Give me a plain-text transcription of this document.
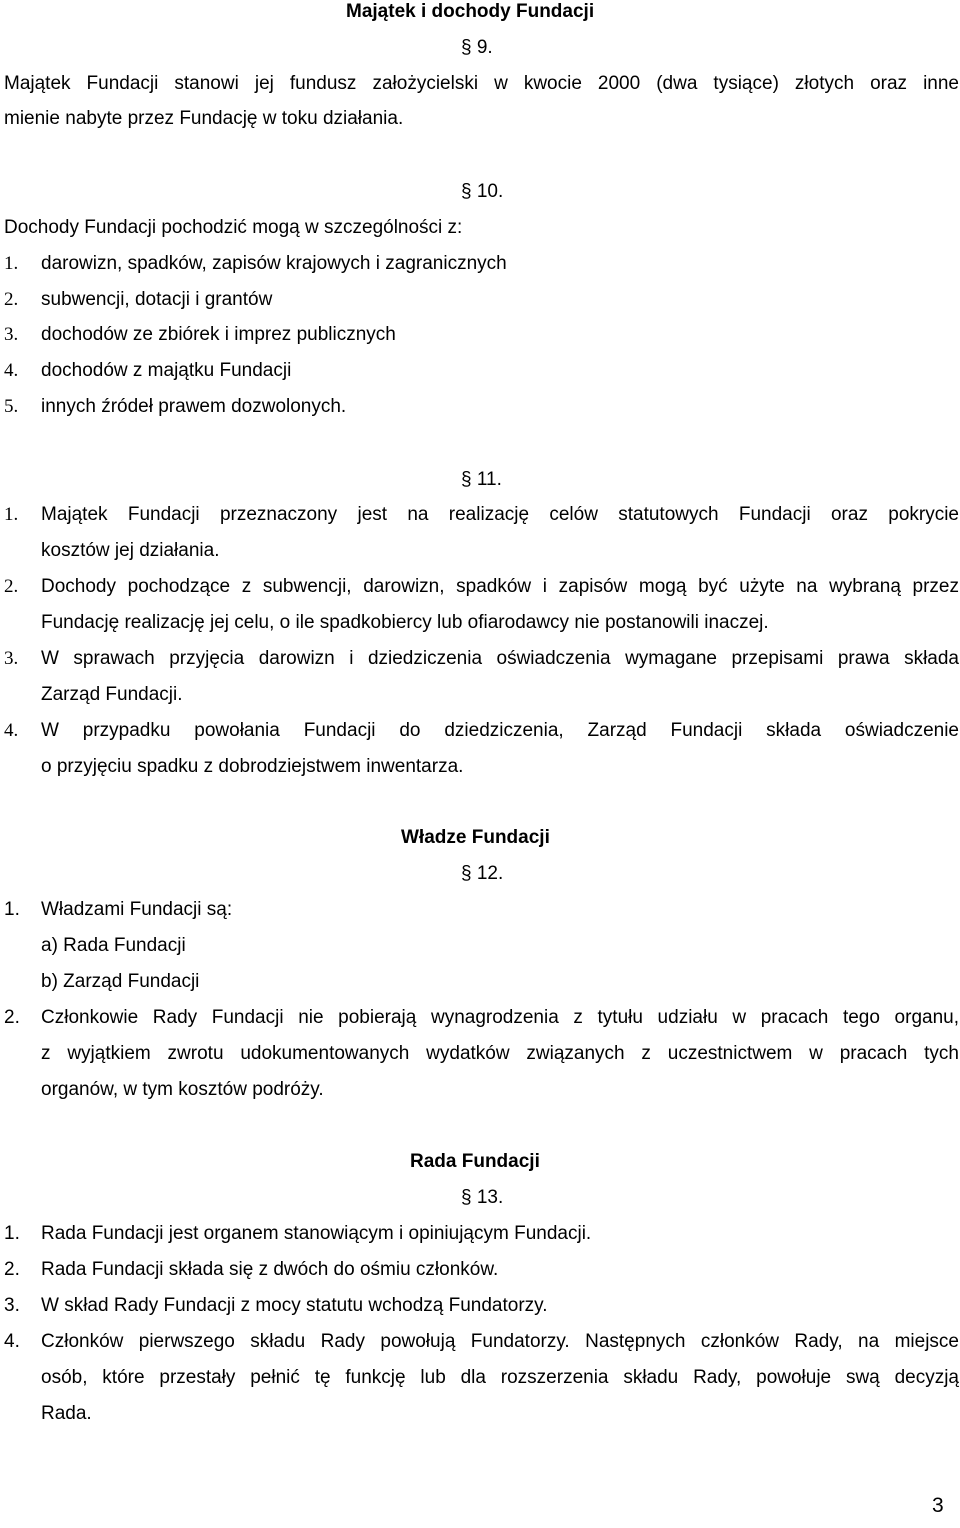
Majątek i dochody Fundacji
§ 9.
Majątek Fundacji stanowi jej fundusz założycielski w kwocie 2000 (dwa tysiące) złotych oraz inne
mienie nabyte przez Fundację w toku działania.
§ 10.
Dochody Fundacji pochodzić mogą w szczególności z:
1. darowizn, spadków, zapisów krajowych i zagranicznych
2. subwencji, dotacji i grantów
3. dochodów ze zbiórek i imprez publicznych
4. dochodów z majątku Fundacji
5. innych źródeł prawem dozwolonych.
§ 11.
1. Majątek Fundacji przeznaczony jest na realizację celów statutowych Fundacji oraz pokrycie
kosztów jej działania.
2. Dochody pochodzące z subwencji, darowizn, spadków i zapisów mogą być użyte na wybraną przez
Fundację realizację jej celu, o ile spadkobiercy lub ofiarodawcy nie postanowili inaczej.
3. W sprawach przyjęcia darowizn i dziedziczenia oświadczenia wymagane przepisami prawa składa
Zarząd Fundacji.
4. W przypadku powołania Fundacji do dziedziczenia, Zarząd Fundacji składa oświadczenie
o przyjęciu spadku z dobrodziejstwem inwentarza.
Władze Fundacji
§ 12.
1. Władzami Fundacji są:
a) Rada Fundacji
b) Zarząd Fundacji
2. Członkowie Rady Fundacji nie pobierają wynagrodzenia z tytułu udziału w pracach tego organu,
z wyjątkiem zwrotu udokumentowanych wydatków związanych z uczestnictwem w pracach tych
organów, w tym kosztów podróży.
Rada Fundacji
§ 13.
1. Rada Fundacji jest organem stanowiącym i opiniującym Fundacji.
2. Rada Fundacji składa się z dwóch do ośmiu członków.
3. W skład Rady Fundacji z mocy statutu wchodzą Fundatorzy.
4. Członków pierwszego składu Rady powołują Fundatorzy. Następnych członków Rady, na miejsce
osób, które przestały pełnić tę funkcję lub dla rozszerzenia składu Rady, powołuje swą decyzją
Rada.
3
